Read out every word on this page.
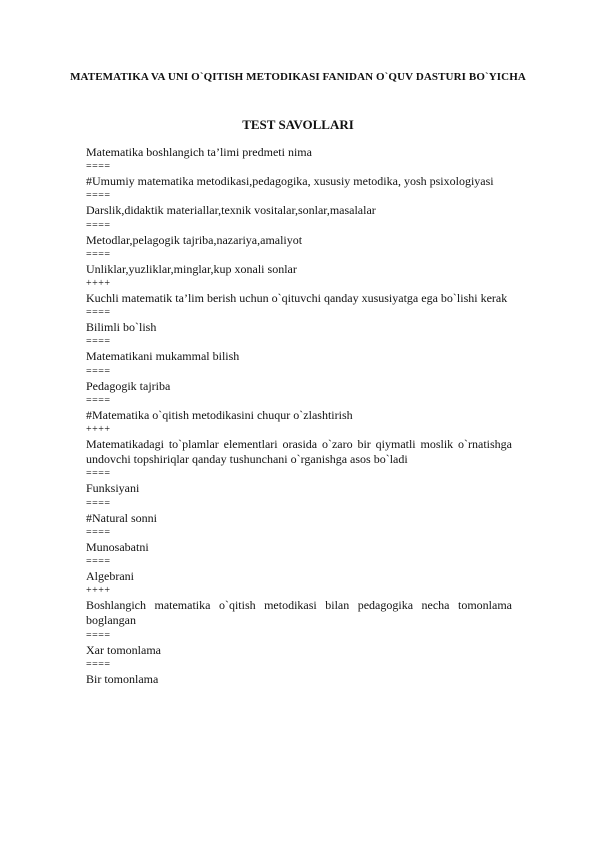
MATEMATIKA VA UNI O`QITISH METODIKASI FANIDAN O`QUV DASTURI BO`YICHA
TEST SAVOLLARI

Matematika boshlangich ta’limi predmeti nima

====

#Umumiy matematika metodikasi,pedagogika, xususiy metodika, yosh psixologiyasi

====

Darslik,didaktik materiallar,texnik vositalar,sonlar,masalalar

====

Metodlar,pelagogik tajriba,nazariya,amaliyot

====

Unliklar,yuzliklar,minglar,kup xonali sonlar

++++

Kuchli matematik ta’lim berish uchun o`qituvchi qanday xususiyatga ega bo`lishi kerak

====

Bilimli bo`lish

====

Matematikani mukammal bilish

====

Pedagogik tajriba

====

#Matematika o`qitish metodikasini chuqur o`zlashtirish

++++

Matematikadagi to`plamlar elementlari orasida o`zaro bir qiymatli moslik o`rnatishga undovchi topshiriqlar qanday tushunchani o`rganishga asos bo`ladi

====

Funksiyani

====

#Natural sonni

====

Munosabatni

====

Algebrani

++++

Boshlangich matematika o`qitish metodikasi bilan pedagogika necha tomonlama boglangan

====

Xar tomonlama

====

Bir tomonlama
